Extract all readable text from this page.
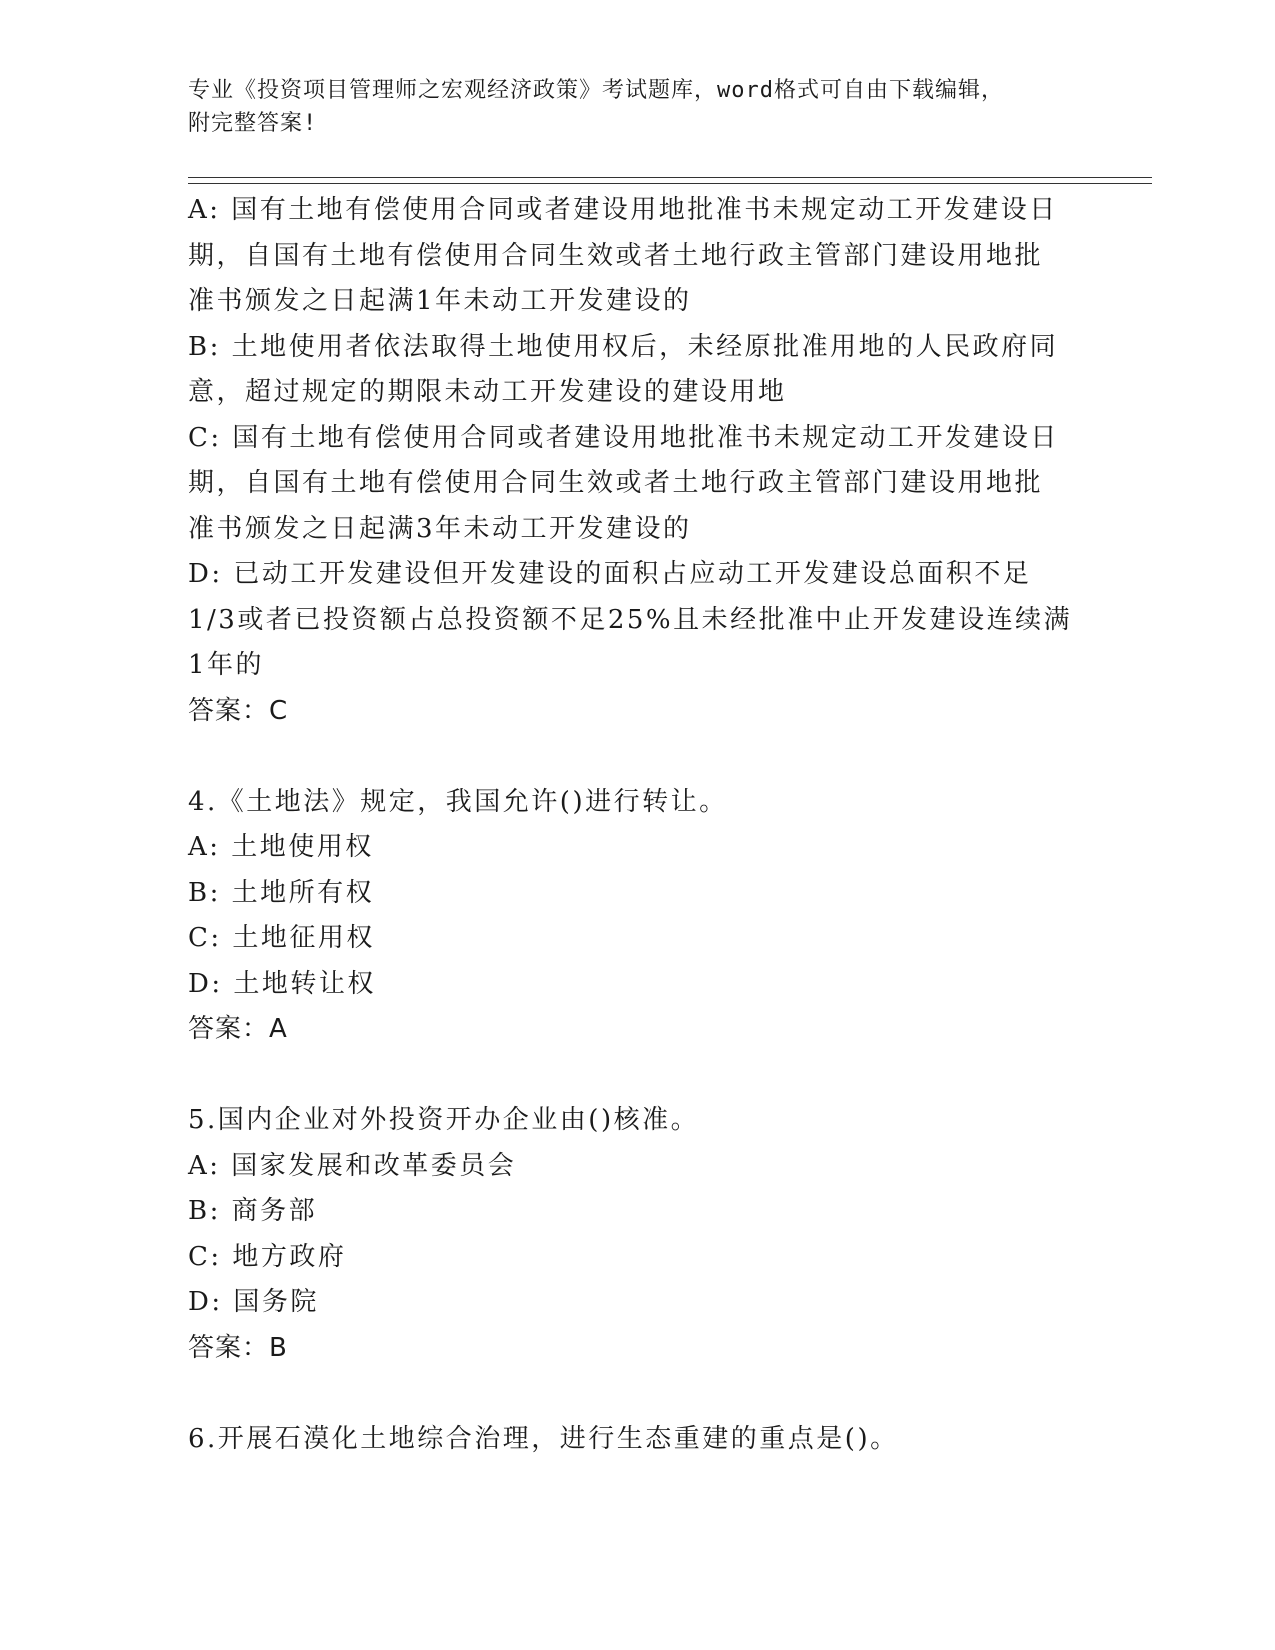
专业《投资项目管理师之宏观经济政策》考试题库，word格式可自由下载编辑，
附完整答案!
A: 国有土地有偿使用合同或者建设用地批准书未规定动工开发建设日
期，自国有土地有偿使用合同生效或者土地行政主管部门建设用地批
准书颁发之日起满1年未动工开发建设的
B: 土地使用者依法取得土地使用权后，未经原批准用地的人民政府同
意，超过规定的期限未动工开发建设的建设用地
C: 国有土地有偿使用合同或者建设用地批准书未规定动工开发建设日
期，自国有土地有偿使用合同生效或者土地行政主管部门建设用地批
准书颁发之日起满3年未动工开发建设的
D: 已动工开发建设但开发建设的面积占应动工开发建设总面积不足
1/3或者已投资额占总投资额不足25%且未经批准中止开发建设连续满
1年的
答案：C
4.《土地法》规定，我国允许()进行转让。
A: 土地使用权
B: 土地所有权
C: 土地征用权
D: 土地转让权
答案：A
5.国内企业对外投资开办企业由()核准。
A: 国家发展和改革委员会
B: 商务部
C: 地方政府
D: 国务院
答案：B
6.开展石漠化土地综合治理，进行生态重建的重点是()。
